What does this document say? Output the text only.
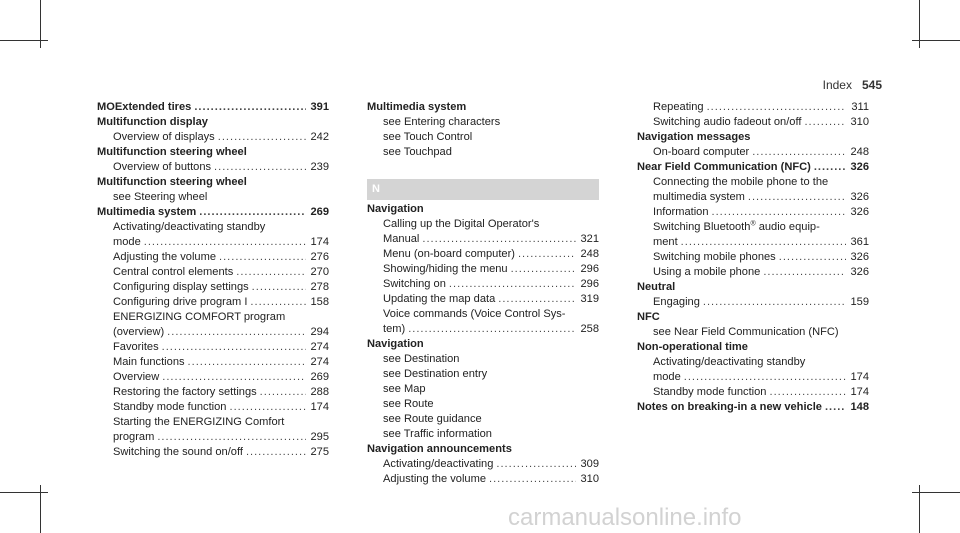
Index 545
MOExtended tires .....	391
Multifunction display
Overview of displays .....	242
Multifunction steering wheel
Overview of buttons .....	239
Multifunction steering wheel
see Steering wheel
Multimedia system .....	269
Activating/deactivating standby
mode .....	174
Adjusting the volume .....	276
Central control elements .....	270
Configuring display settings .....	278
Configuring drive program I .....	158
ENERGIZING COMFORT program
(overview) .....	294
Favorites .....	274
Main functions .....	274
Overview .....	269
Restoring the factory settings .....	288
Standby mode function .....	174
Starting the ENERGIZING Comfort
program .....	295
Switching the sound on/off .....	275
Multimedia system
see Entering characters
see Touch Control
see Touchpad
N
Navigation
Calling up the Digital Operator's
Manual .....	321
Menu (on-board computer) .....	248
Showing/hiding the menu .....	296
Switching on .....	296
Updating the map data .....	319
Voice commands (Voice Control Sys-
tem) .....	258
Navigation
see Destination
see Destination entry
see Map
see Route
see Route guidance
see Traffic information
Navigation announcements
Activating/deactivating .....	309
Adjusting the volume .....	310
Repeating .....	311
Switching audio fadeout on/off .....	310
Navigation messages
On-board computer .....	248
Near Field Communication (NFC) .....	326
Connecting the mobile phone to the
multimedia system .....	326
Information .....	326
Switching Bluetooth® audio equip-
ment .....	361
Switching mobile phones .....	326
Using a mobile phone .....	326
Neutral
Engaging .....	159
NFC
see Near Field Communication (NFC)
Non-operational time
Activating/deactivating standby
mode .....	174
Standby mode function .....	174
Notes on breaking-in a new vehicle .....	148
carmanualsonline.info
